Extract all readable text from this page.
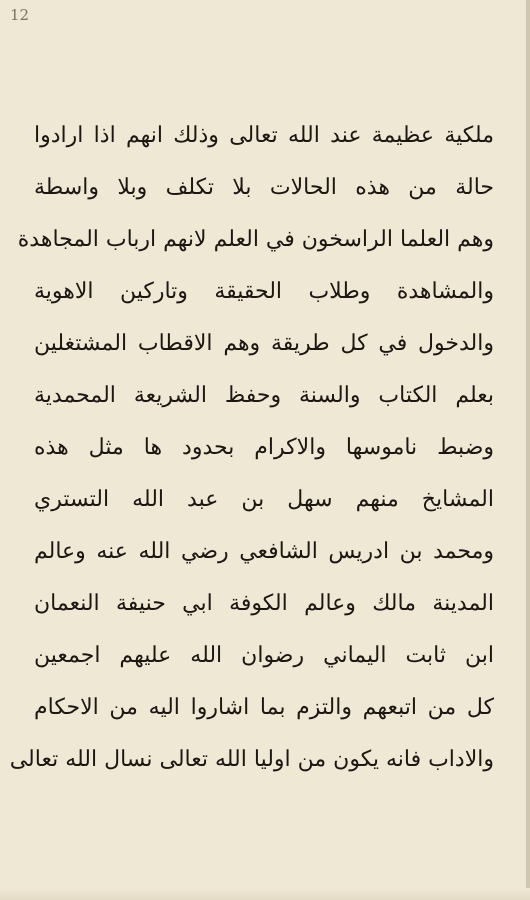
12
ملكية عظيمة عند الله تعالى وذلك انهم اذا ارادوا
حالة من هذه الحالات بلا تكلف وبلا واسطة
وهم العلما الراسخون في العلم لانهم ارباب المجاهدة
والمشاهدة وطلاب الحقيقة وتاركين الاهوية
والدخول في كل طريقة وهم الاقطاب المشتغلين
بعلم الكتاب والسنة وحفظ الشريعة المحمدية
وضبط ناموسها والاكرام بحدود ها مثل هذه
المشايخ منهم سهل بن عبد الله التستري
ومحمد بن ادريس الشافعي رضي الله عنه وعالم
المدينة مالك وعالم الكوفة ابي حنيفة النعمان
ابن ثابت اليماني رضوان الله عليهم اجمعين
كل من اتبعهم والتزم بما اشاروا اليه من الاحكام
والاداب فانه يكون من اوليا الله تعالى نسال الله تعالى
